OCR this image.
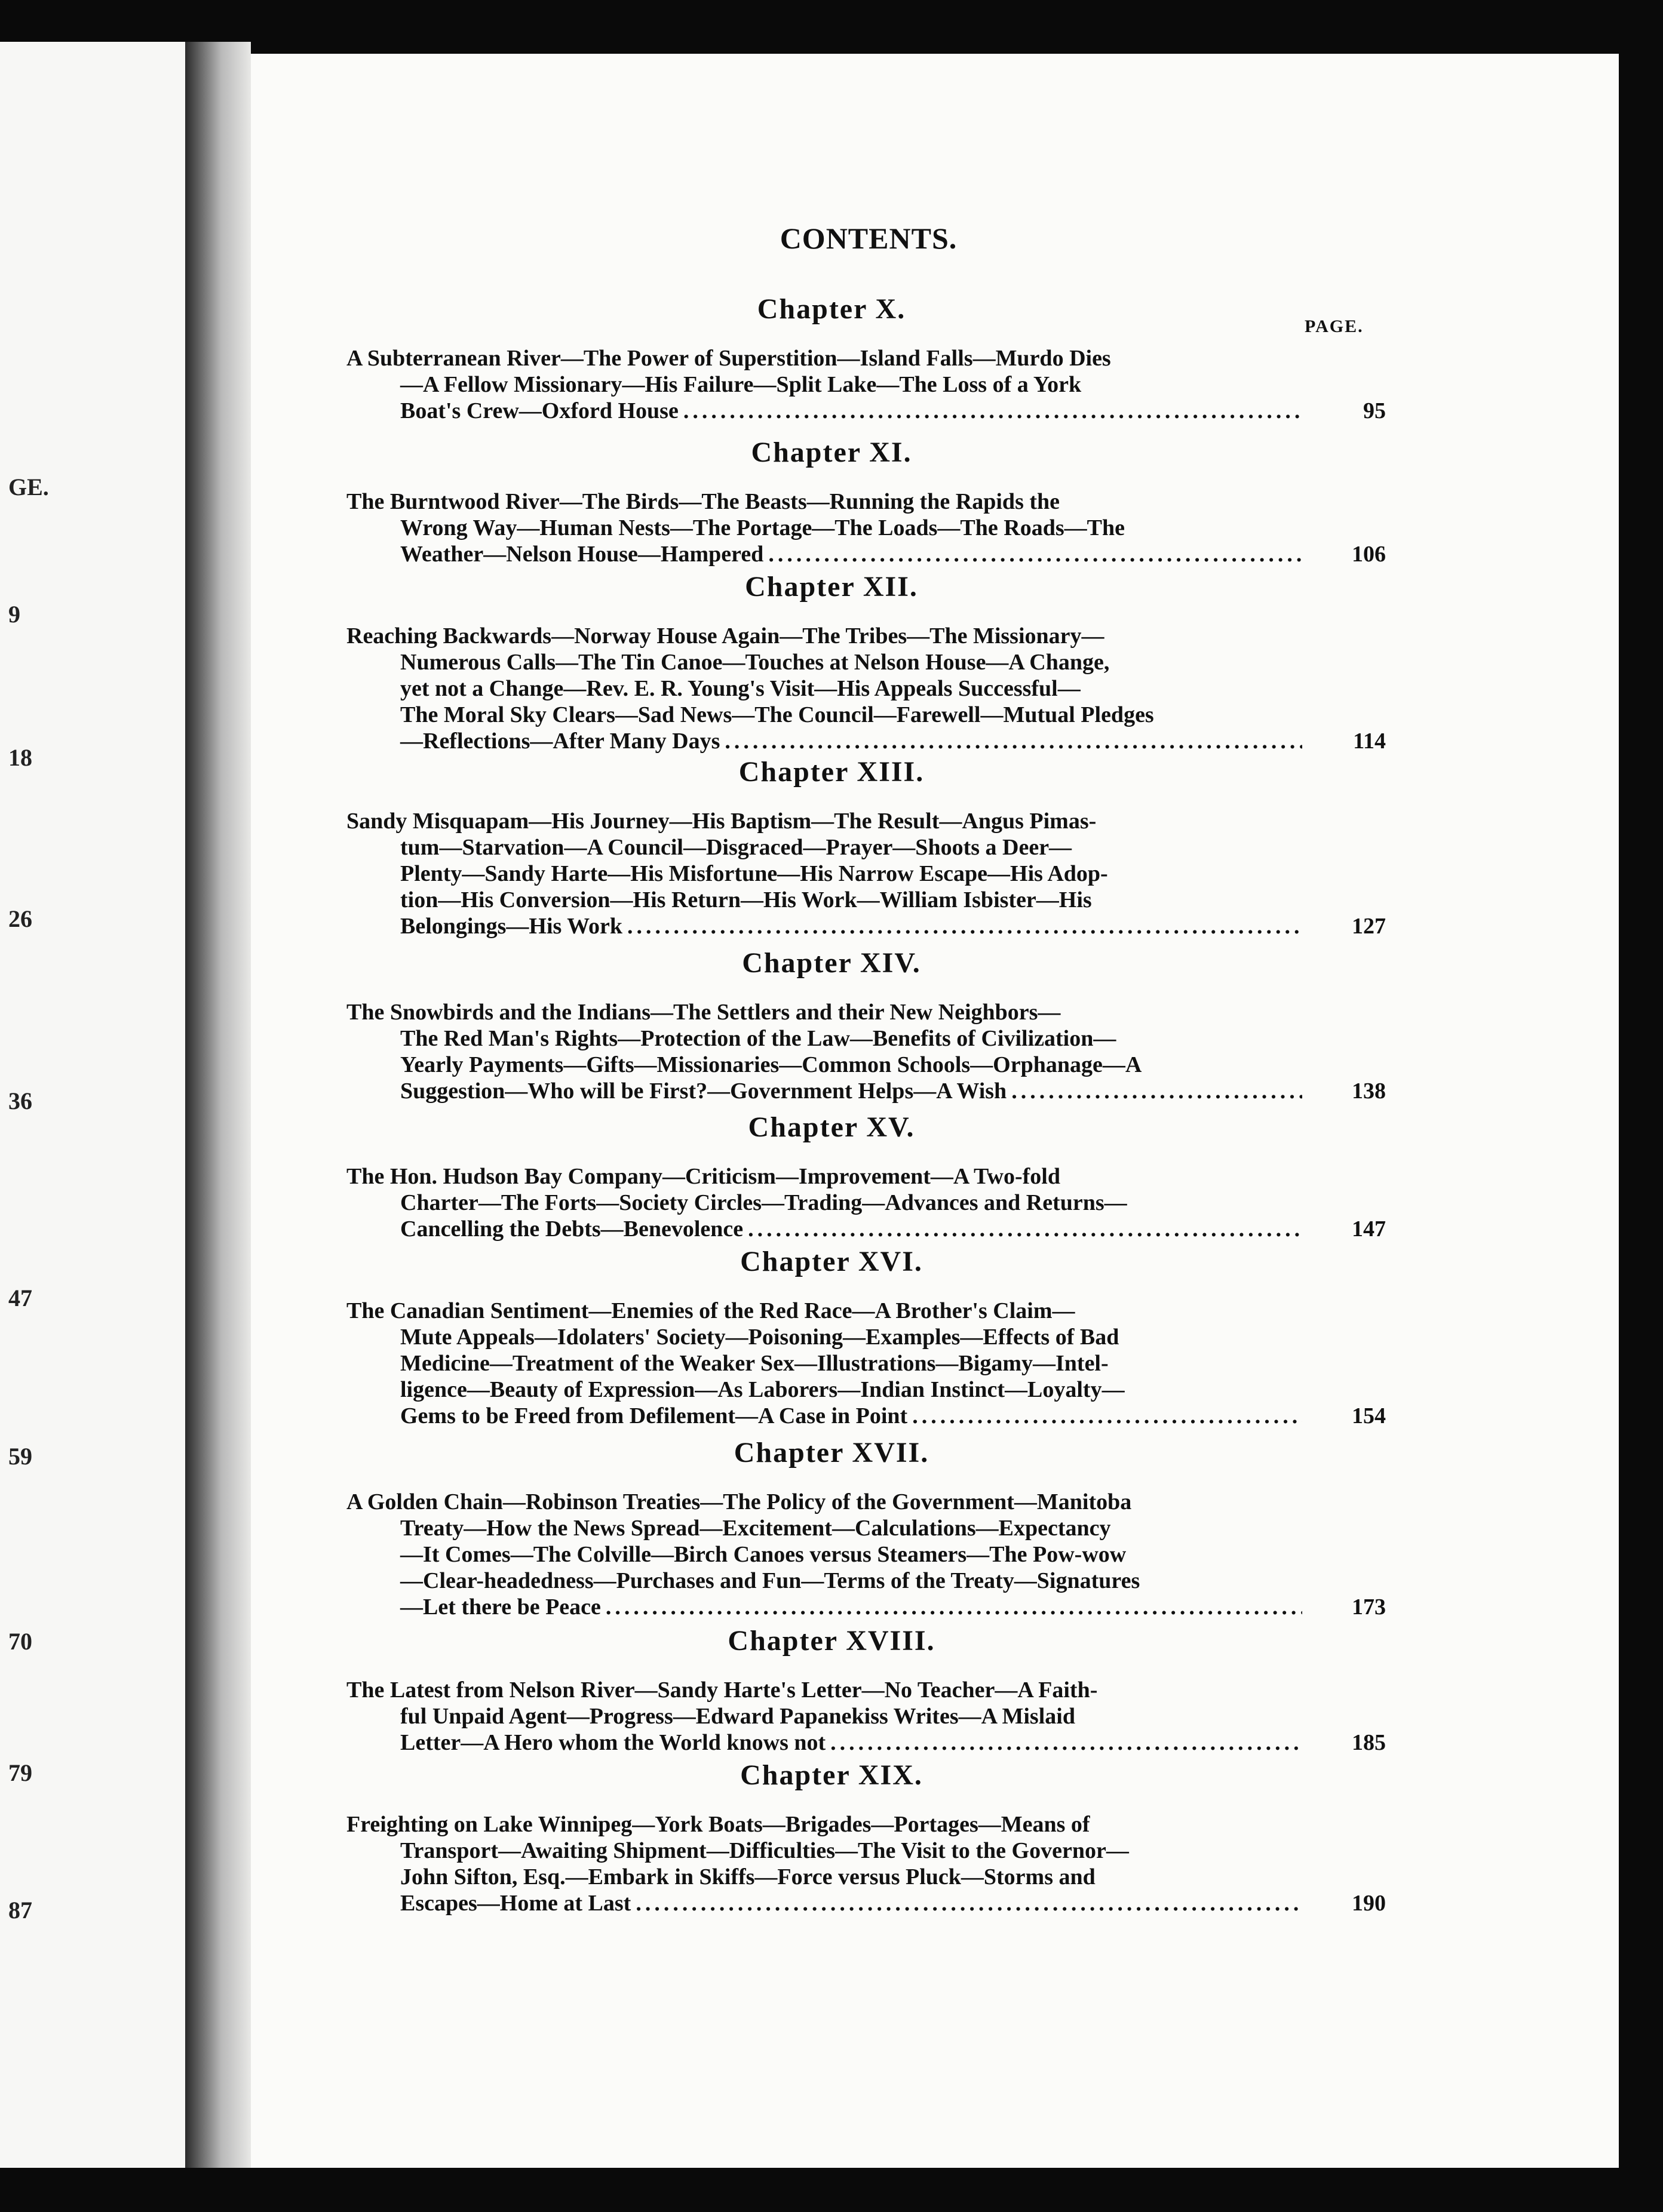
GE.
9
18
26
36
47
59
70
79
87
CONTENTS.
PAGE.
Chapter X.
A Subterranean River—The Power of Superstition—Island Falls—Murdo Dies
—A Fellow Missionary—His Failure—Split Lake—The Loss of a York
Boat's Crew—Oxford House .....	95
Chapter XI.
The Burntwood River—The Birds—The Beasts—Running the Rapids the
Wrong Way—Human Nests—The Portage—The Loads—The Roads—The
Weather—Nelson House—Hampered .....	106
Chapter XII.
Reaching Backwards—Norway House Again—The Tribes—The Missionary—
Numerous Calls—The Tin Canoe—Touches at Nelson House—A Change,
yet not a Change—Rev. E. R. Young's Visit—His Appeals Successful—
The Moral Sky Clears—Sad News—The Council—Farewell—Mutual Pledges
—Reflections—After Many Days .....	114
Chapter XIII.
Sandy Misquapam—His Journey—His Baptism—The Result—Angus Pimas-
tum—Starvation—A Council—Disgraced—Prayer—Shoots a Deer—
Plenty—Sandy Harte—His Misfortune—His Narrow Escape—His Adop-
tion—His Conversion—His Return—His Work—William Isbister—His
Belongings—His Work .....	127
Chapter XIV.
The Snowbirds and the Indians—The Settlers and their New Neighbors—
The Red Man's Rights—Protection of the Law—Benefits of Civilization—
Yearly Payments—Gifts—Missionaries—Common Schools—Orphanage—A
Suggestion—Who will be First?—Government Helps—A Wish .....	138
Chapter XV.
The Hon. Hudson Bay Company—Criticism—Improvement—A Two-fold
Charter—The Forts—Society Circles—Trading—Advances and Returns—
Cancelling the Debts—Benevolence .....	147
Chapter XVI.
The Canadian Sentiment—Enemies of the Red Race—A Brother's Claim—
Mute Appeals—Idolaters' Society—Poisoning—Examples—Effects of Bad
Medicine—Treatment of the Weaker Sex—Illustrations—Bigamy—Intel-
ligence—Beauty of Expression—As Laborers—Indian Instinct—Loyalty—
Gems to be Freed from Defilement—A Case in Point .....	154
Chapter XVII.
A Golden Chain—Robinson Treaties—The Policy of the Government—Manitoba
Treaty—How the News Spread—Excitement—Calculations—Expectancy
—It Comes—The Colville—Birch Canoes versus Steamers—The Pow-wow
—Clear-headedness—Purchases and Fun—Terms of the Treaty—Signatures
—Let there be Peace .....	173
Chapter XVIII.
The Latest from Nelson River—Sandy Harte's Letter—No Teacher—A Faith-
ful Unpaid Agent—Progress—Edward Papanekiss Writes—A Mislaid
Letter—A Hero whom the World knows not .....	185
Chapter XIX.
Freighting on Lake Winnipeg—York Boats—Brigades—Portages—Means of
Transport—Awaiting Shipment—Difficulties—The Visit to the Governor—
John Sifton, Esq.—Embark in Skiffs—Force versus Pluck—Storms and
Escapes—Home at Last .....	190
